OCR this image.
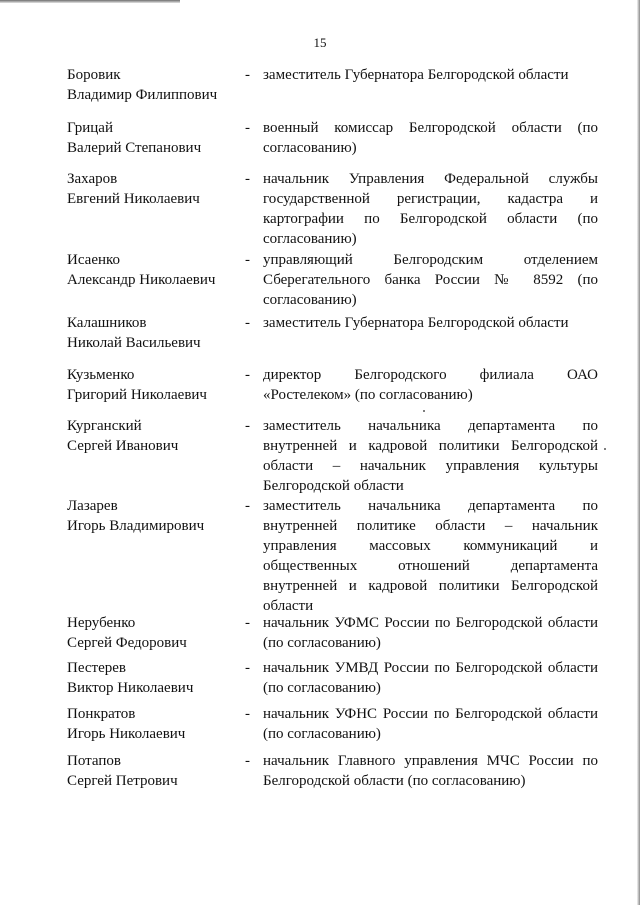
15
Боровик
Владимир Филиппович
- заместитель Губернатора Белгородской области
Грицай
Валерий Степанович
- военный комиссар Белгородской области (по согласованию)
Захаров
Евгений Николаевич
- начальник Управления Федеральной службы государственной регистрации, кадастра и картографии по Белгородской области (по согласованию)
Исаенко
Александр Николаевич
- управляющий Белгородским отделением Сберегательного банка России № 8592 (по согласованию)
Калашников
Николай Васильевич
- заместитель Губернатора Белгородской области
Кузьменко
Григорий Николаевич
- директор Белгородского филиала ОАО «Ростелеком» (по согласованию)
Курганский
Сергей Иванович
- заместитель начальника департамента по внутренней и кадровой политики Белгородской области – начальник управления культуры Белгородской области
Лазарев
Игорь Владимирович
- заместитель начальника департамента по внутренней политике области – начальник управления массовых коммуникаций и общественных отношений департамента внутренней и кадровой политики Белгородской области
Нерубенко
Сергей Федорович
- начальник УФМС России по Белгородской области (по согласованию)
Пестерев
Виктор Николаевич
- начальник УМВД России по Белгородской области (по согласованию)
Понкратов
Игорь Николаевич
- начальник УФНС России по Белгородской области (по согласованию)
Потапов
Сергей Петрович
- начальник Главного управления МЧС России по Белгородской области (по согласованию)
